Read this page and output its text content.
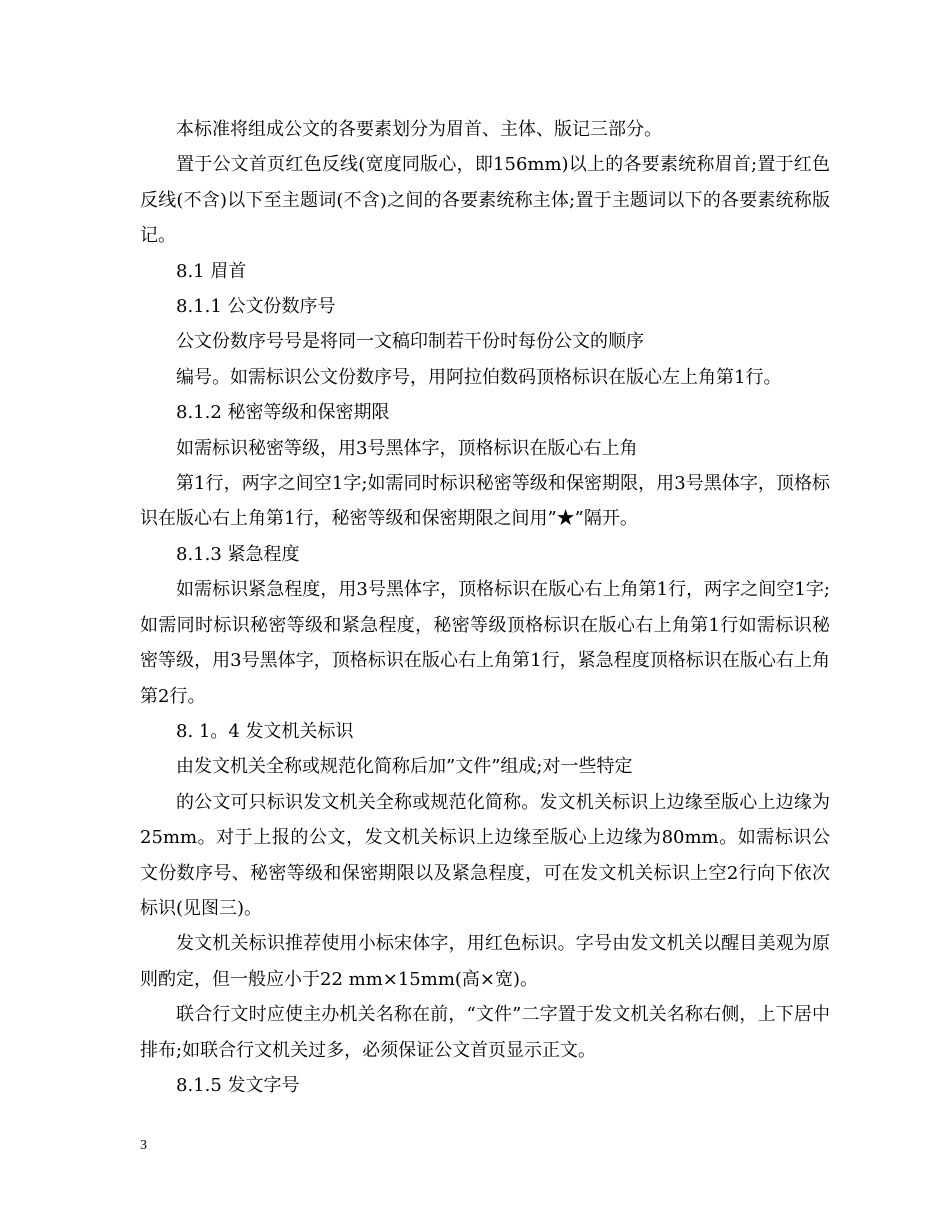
本标准将组成公文的各要素划分为眉首、主体、版记三部分。

置于公文首页红色反线(宽度同版心，即156mm)以上的各要素统称眉首;置于红色反线(不含)以下至主题词(不含)之间的各要素统称主体;置于主题词以下的各要素统称版记。

8.1 眉首

8.1.1 公文份数序号

公文份数序号号是将同一文稿印制若干份时每份公文的顺序

编号。如需标识公文份数序号，用阿拉伯数码顶格标识在版心左上角第1行。

8.1.2 秘密等级和保密期限

如需标识秘密等级，用3号黑体字，顶格标识在版心右上角

第1行，两字之间空1字;如需同时标识秘密等级和保密期限，用3号黑体字，顶格标识在版心右上角第1行，秘密等级和保密期限之间用”★”隔开。

8.1.3 紧急程度

如需标识紧急程度，用3号黑体字，顶格标识在版心右上角第1行，两字之间空1字;如需同时标识秘密等级和紧急程度，秘密等级顶格标识在版心右上角第1行如需标识秘密等级，用3号黑体字，顶格标识在版心右上角第1行，紧急程度顶格标识在版心右上角第2行。

8. 1。4 发文机关标识

由发文机关全称或规范化简称后加”文件”组成;对一些特定

的公文可只标识发文机关全称或规范化简称。发文机关标识上边缘至版心上边缘为25mm。对于上报的公文，发文机关标识上边缘至版心上边缘为80mm。如需标识公文份数序号、秘密等级和保密期限以及紧急程度，可在发文机关标识上空2行向下依次标识(见图三)。

发文机关标识推荐使用小标宋体字，用红色标识。字号由发文机关以醒目美观为原则酌定，但一般应小于22 mm×15mm(高×宽)。

联合行文时应使主办机关名称在前，“文件”二字置于发文机关名称右侧，上下居中排布;如联合行文机关过多，必须保证公文首页显示正文。

8.1.5 发文字号

3
